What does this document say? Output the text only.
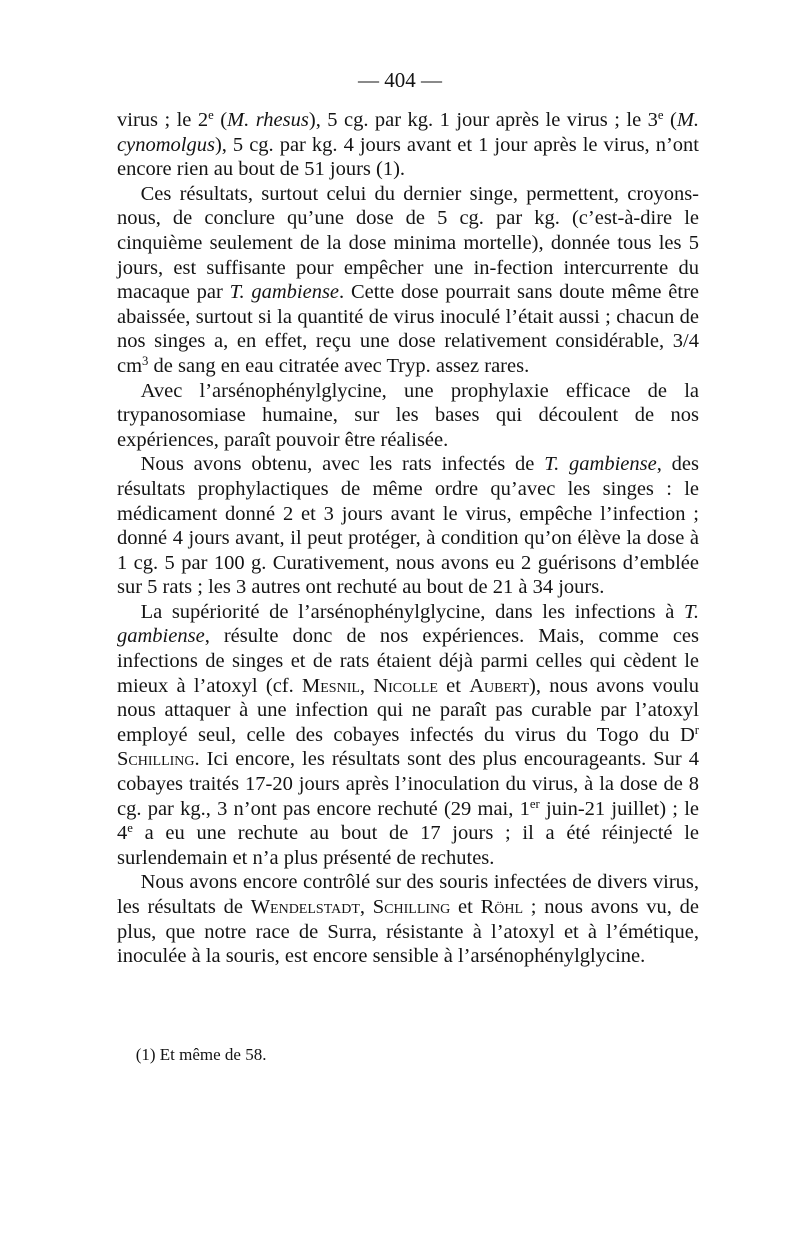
— 404 —

virus ; le 2e (M. rhesus), 5 cg. par kg. 1 jour après le virus ; le 3e (M. cynomolgus), 5 cg. par kg. 4 jours avant et 1 jour après le virus, n’ont encore rien au bout de 51 jours (1).

Ces résultats, surtout celui du dernier singe, permettent, croyons-nous, de conclure qu’une dose de 5 cg. par kg. (c’est-à-dire le cinquième seulement de la dose minima mortelle), donnée tous les 5 jours, est suffisante pour empêcher une in-fection intercurrente du macaque par T. gambiense. Cette dose pourrait sans doute même être abaissée, surtout si la quantité de virus inoculé l’était aussi ; chacun de nos singes a, en effet, reçu une dose relativement considérable, 3/4 $cm^3$ de sang en eau citratée avec Tryp. assez rares.

Avec l’arsénophénylglycine, une prophylaxie efficace de la trypanosomiase humaine, sur les bases qui découlent de nos expériences, paraît pouvoir être réalisée.

Nous avons obtenu, avec les rats infectés de T. gambiense, des résultats prophylactiques de même ordre qu’avec les singes : le médicament donné 2 et 3 jours avant le virus, empêche l’infection ; donné 4 jours avant, il peut protéger, à condition qu’on élève la dose à 1 cg. 5 par 100 g. Curativement, nous avons eu 2 guérisons d’emblée sur 5 rats ; les 3 autres ont rechuté au bout de 21 à 34 jours.

La supériorité de l’arsénophénylglycine, dans les infections à T. gambiense, résulte donc de nos expériences. Mais, comme ces infections de singes et de rats étaient déjà parmi celles qui cèdent le mieux à l’atoxyl (cf. Mesnil, Nicolle et Aubert), nous avons voulu nous attaquer à une infection qui ne paraît pas curable par l’atoxyl employé seul, celle des cobayes infectés du virus du Togo du $D^r$ Schilling. Ici encore, les résultats sont des plus encourageants. Sur 4 cobayes traités 17-20 jours après l’inoculation du virus, à la dose de 8 cg. par kg., 3 n’ont pas encore rechuté (29 mai, 1er juin-21 juillet) ; le 4e a eu une rechute au bout de 17 jours ; il a été réinjecté le surlendemain et n’a plus présenté de rechutes.

Nous avons encore contrôlé sur des souris infectées de divers virus, les résultats de Wendelstadt, Schilling et Röhl ; nous avons vu, de plus, que notre race de Surra, résistante à l’atoxyl et à l’émétique, inoculée à la souris, est encore sensible à l’arsénophénylglycine.

(1) Et même de 58.
